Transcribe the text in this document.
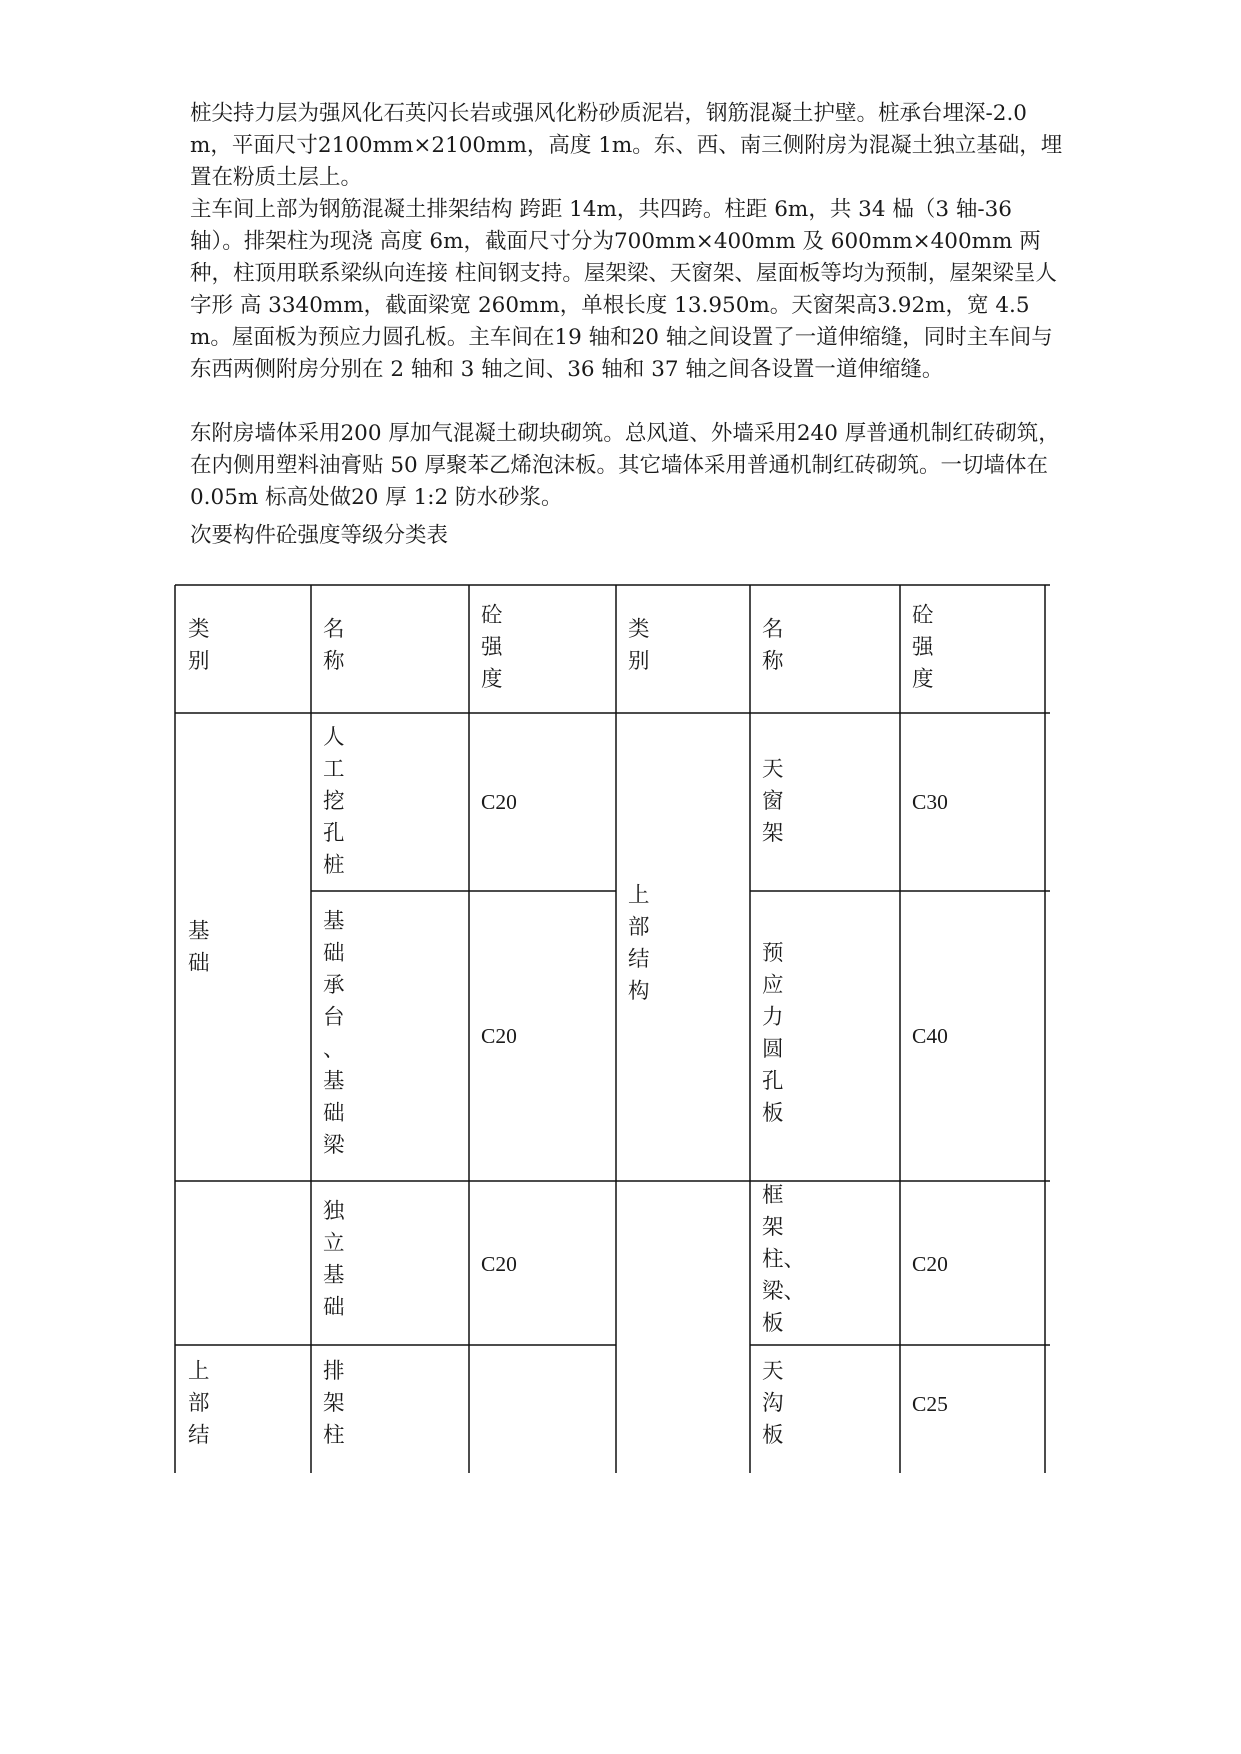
桩尖持力层为强风化石英闪长岩或强风化粉砂质泥岩，钢筋混凝土护壁。桩承台埋深-2.0m，平面尺寸2100mm×2100mm，高度 1m。东、西、南三侧附房为混凝土独立基础，埋置在粉质土层上。
主车间上部为钢筋混凝土排架结构 跨距 14m，共四跨。柱距 6m，共 34 榀（3 轴-36 轴）。排架柱为现浇 高度 6m，截面尺寸分为700mm×400mm 及 600mm×400mm 两种，柱顶用联系梁纵向连接 柱间钢支持。屋架梁、天窗架、屋面板等均为预制，屋架梁呈人字形 高 3340mm，截面梁宽 260mm，单根长度 13.950m。天窗架高3.92m，宽 4.5m。屋面板为预应力圆孔板。主车间在19 轴和20 轴之间设置了一道伸缩缝，同时主车间与东西两侧附房分别在 2 轴和 3 轴之间、36 轴和 37 轴之间各设置一道伸缩缝。
东附房墙体采用200 厚加气混凝土砌块砌筑。总风道、外墙采用240 厚普通机制红砖砌筑，在内侧用塑料油膏贴 50 厚聚苯乙烯泡沫板。其它墙体采用普通机制红砖砌筑。一切墙体在0.05m 标高处做20 厚 1:2 防水砂浆。
次要构件砼强度等级分类表
类
别
名
称
砼
强
度
类
别
名
称
砼
强
度
基
础
人
工
挖
孔
桩
C20
基
础
承
台
、
基
础
梁
C20
独
立
基
础
C20
上
部
结
排
架
柱
上
部
结
构
天
窗
架
C30
预
应
力
圆
孔
板
C40
框
架
柱、
梁、
板
C20
天
沟
板
C25
